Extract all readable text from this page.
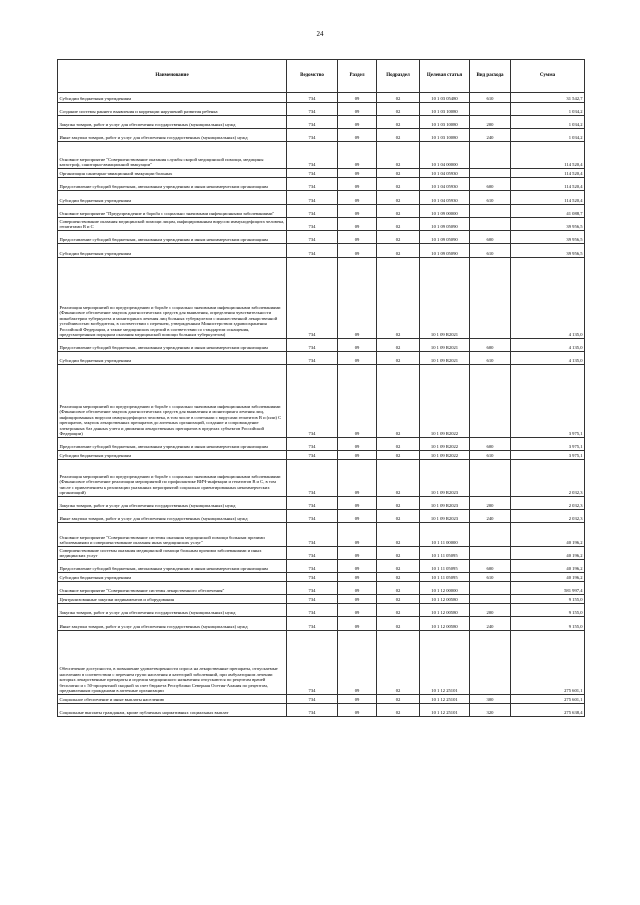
24
Наименование	Ведомство	Раздел	Подраздел	Целевая статья	Вид расхода	Сумма
Субсидии бюджетным учреждениям	734	09	02	10 1 03 05480	610	31 542,7
Создание системы раннего выявления и коррекции нарушений развития ребенка	734	09	02	10 1 03 10080		1 034,2
Закупка товаров, работ и услуг для обеспечения государственных (муниципальных) нужд	734	09	02	10 1 03 10080	200	1 034,2
Иные закупки товаров, работ и услуг для обеспечения государственных (муниципальных) нужд	734	09	02	10 1 03 10080	240	1 034,2
Основное мероприятие "Совершенствование оказания службы скорой медицинской помощи, медицины катастроф, санитарно-авиационной эвакуации"	734	09	02	10 1 04 00000		114 520,4
Организация санитарно-авиационной эвакуации больных	734	09	02	10 1 04 05930		114 520,4
Предоставление субсидий бюджетным, автономным учреждениям и иным некоммерческим организациям	734	09	02	10 1 04 05930	600	114 520,4
Субсидии бюджетным учреждениям	734	09	02	10 1 04 05930	610	114 520,4
Основное мероприятие "Предупреждение и борьба с социально значимыми инфекционными заболеваниями"	734	09	02	10 1 09 00000		41 088,7
Совершенствование оказания медицинской помощи лицам, инфицированным вирусом иммунодефицита человека, гепатитами В и С	734	09	02	10 1 09 05090		39 956,5
Предоставление субсидий бюджетным, автономным учреждениям и иным некоммерческим организациям	734	09	02	10 1 09 05090	600	39 956,5
Субсидии бюджетным учреждениям	734	09	02	10 1 09 05090	610	39 956,5
Реализация мероприятий по предупреждению и борьбе с социально значимыми инфекционными заболеваниями (Финансовое обеспечение закупок диагностических средств для выявления, определения чувствительности микобактерии туберкулеза и мониторинга лечения лиц больных туберкулезом с множественной лекарственной устойчивостью возбудителя, в соответствии с перечнем, утвержденным Министерством здравоохранения Российской Федерации, а также медицинских изделий в соответствии со стандартом оснащения, предусмотренным порядком оказания медицинской помощи больным туберкулезом)	734	09	02	10 1 09 R2021		4 135,0
Предоставление субсидий бюджетным, автономным учреждениям и иным некоммерческим организациям	734	09	02	10 1 09 R2021	600	4 135,0
Субсидии бюджетным учреждениям	734	09	02	10 1 09 R2021	610	4 135,0
Реализация мероприятий по предупреждению и борьбе с социально значимыми инфекционными заболеваниями (Финансовое обеспечение закупок диагностических средств для выявления и мониторинга лечения лиц, инфицированных вирусом иммунодефицита человека, в том числе в сочетании с вирусами гепатитов В и (или) С препаратов, закупок лекарственных препаратов до аптечных организаций, создание и сопровождение электронных баз данных учета и движения лекарственных препаратов в пределах субъектов Российской Федерации)	734	09	02	10 1 09 R2022		3 975,1
Предоставление субсидий бюджетным, автономным учреждениям и иным некоммерческим организациям	734	09	02	10 1 09 R2022	600	3 975,1
Субсидии бюджетным учреждениям	734	09	02	10 1 09 R2022	610	3 975,1
Реализация мероприятий по предупреждению и борьбе с социально значимыми инфекционными заболеваниями (Финансовое обеспечение реализации мероприятий по профилактике ВИЧ-инфекции и гепатитов В и С, в том числе с привлечением к реализации указанных мероприятий социально ориентированных некоммерческих организаций)	734	09	02	10 1 09 R2023		2 032,3
Закупка товаров, работ и услуг для обеспечения государственных (муниципальных) нужд	734	09	02	10 1 09 R2023	200	2 032,3
Иные закупки товаров, работ и услуг для обеспечения государственных (муниципальных) нужд	734	09	02	10 1 09 R2023	240	2 032,3
Основное мероприятие "Совершенствование системы оказания медицинской помощи больным прочими заболеваниями и совершенствование оказания иных медицинских услуг"	734	09	02	10 1 11 00000		40 196,2
Совершенствование системы оказания медицинской помощи больным прочими заболеваниями и иных медицинских услуг	734	09	02	10 1 11 05095		40 196,2
Предоставление субсидий бюджетным, автономным учреждениям и иным некоммерческим организациям	734	09	02	10 1 11 05095	600	40 196,2
Субсидии бюджетным учреждениям	734	09	02	10 1 11 05095	610	40 196,2
Основное мероприятие "Совершенствование системы лекарственного обеспечения"	734	09	02	10 1 12 00000		581 997,4
Централизованные закупки медикаментов и оборудования	734	09	02	10 1 12 00580		9 155,0
Закупка товаров, работ и услуг для обеспечения государственных (муниципальных) нужд	734	09	02	10 1 12 00580	200	9 155,0
Иные закупки товаров, работ и услуг для обеспечения государственных (муниципальных) нужд	734	09	02	10 1 12 00580	240	9 155,0
Обеспечение доступности, в повышение удовлетворенности спроса на лекарственные препараты, отпускаемые населению в соответствии с перечнем групп населения и категорий заболеваний, при амбулаторном лечении которых лекарственные препараты и изделия медицинского назначения отпускаются по рецептам врачей бесплатно и с 50-процентной скидкой за счет бюджета Республики Северная Осетия-Алания по рецептам, предъявленным гражданами в аптечные организации	734	09	02	10 1 12 25101		275 601,1
Социальное обеспечение и иные выплаты населению	734	09	02	10 1 12 25101	300	275 601,1
Социальные выплаты гражданам, кроме публичных нормативных социальных выплат	734	09	02	10 1 12 25101	320	275 638,4
